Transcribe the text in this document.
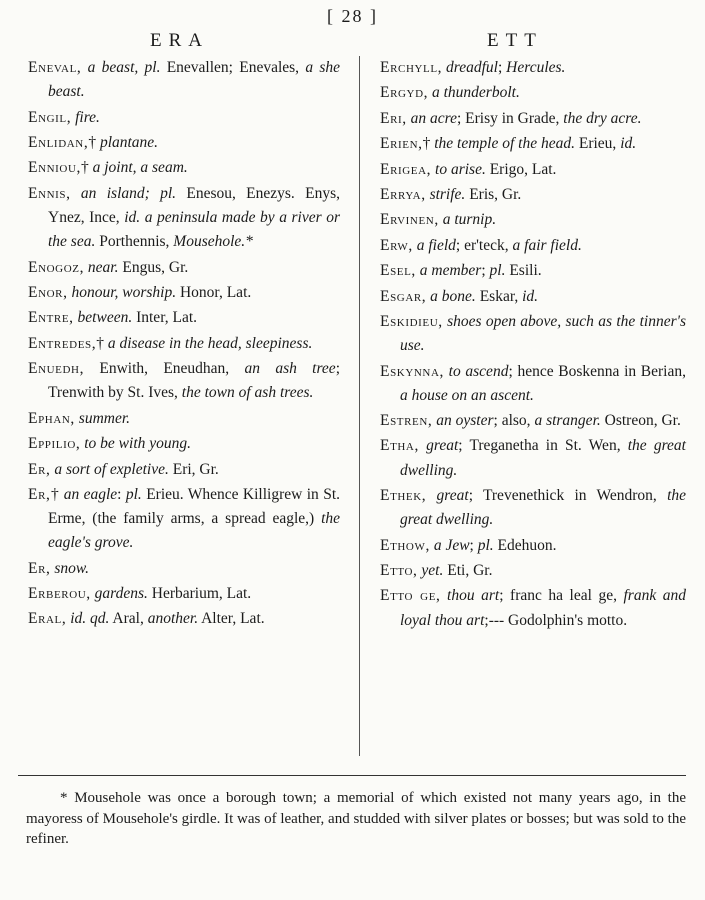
[ 28 ]
ERA	ETT

Eneval, a beast, pl. Enevallen; Enevales, a she beast.

Engil, fire.

Enlidan,† plantane.

Enniou,† a joint, a seam.

Ennis, an island; pl. Enesou, Enezys. Enys, Ynez, Ince, id. a peninsula made by a river or the sea. Porthennis, Mousehole.*

Enogoz, near. Engus, Gr.

Enor, honour, worship. Honor, Lat.

Entre, between. Inter, Lat.

Entredes,† a disease in the head, sleepiness.

Enuedh, Enwith, Eneudhan, an ash tree; Trenwith by St. Ives, the town of ash trees.

Ephan, summer.

Eppilio, to be with young.

Er, a sort of expletive. Eri, Gr.

Er,† an eagle: pl. Erieu. Whence Killigrew in St. Erme, (the family arms, a spread eagle,) the eagle's grove.

Er, snow.

Erberou, gardens. Herbarium, Lat.

Eral, id. qd. Aral, another. Alter, Lat.

Erchyll, dreadful; Hercules.

Ergyd, a thunderbolt.

Eri, an acre; Erisy in Grade, the dry acre.

Erien,† the temple of the head. Erieu, id.

Erigea, to arise. Erigo, Lat.

Errya, strife. Eris, Gr.

Ervinen, a turnip.

Erw, a field; er'teck, a fair field.

Esel, a member; pl. Esili.

Esgar, a bone. Eskar, id.

Eskidieu, shoes open above, such as the tinner's use.

Eskynna, to ascend; hence Boskenna in Berian, a house on an ascent.

Estren, an oyster; also, a stranger. Ostreon, Gr.

Etha, great; Treganetha in St. Wen, the great dwelling.

Ethek, great; Trevenethick in Wendron, the great dwelling.

Ethow, a Jew; pl. Edehuon.

Etto, yet. Eti, Gr.

Etto ge, thou art; franc ha leal ge, frank and loyal thou art;--- Godolphin's motto.

* Mousehole was once a borough town; a memorial of which existed not many years ago, in the mayoress of Mousehole's girdle. It was of leather, and studded with silver plates or bosses; but was sold to the refiner.
